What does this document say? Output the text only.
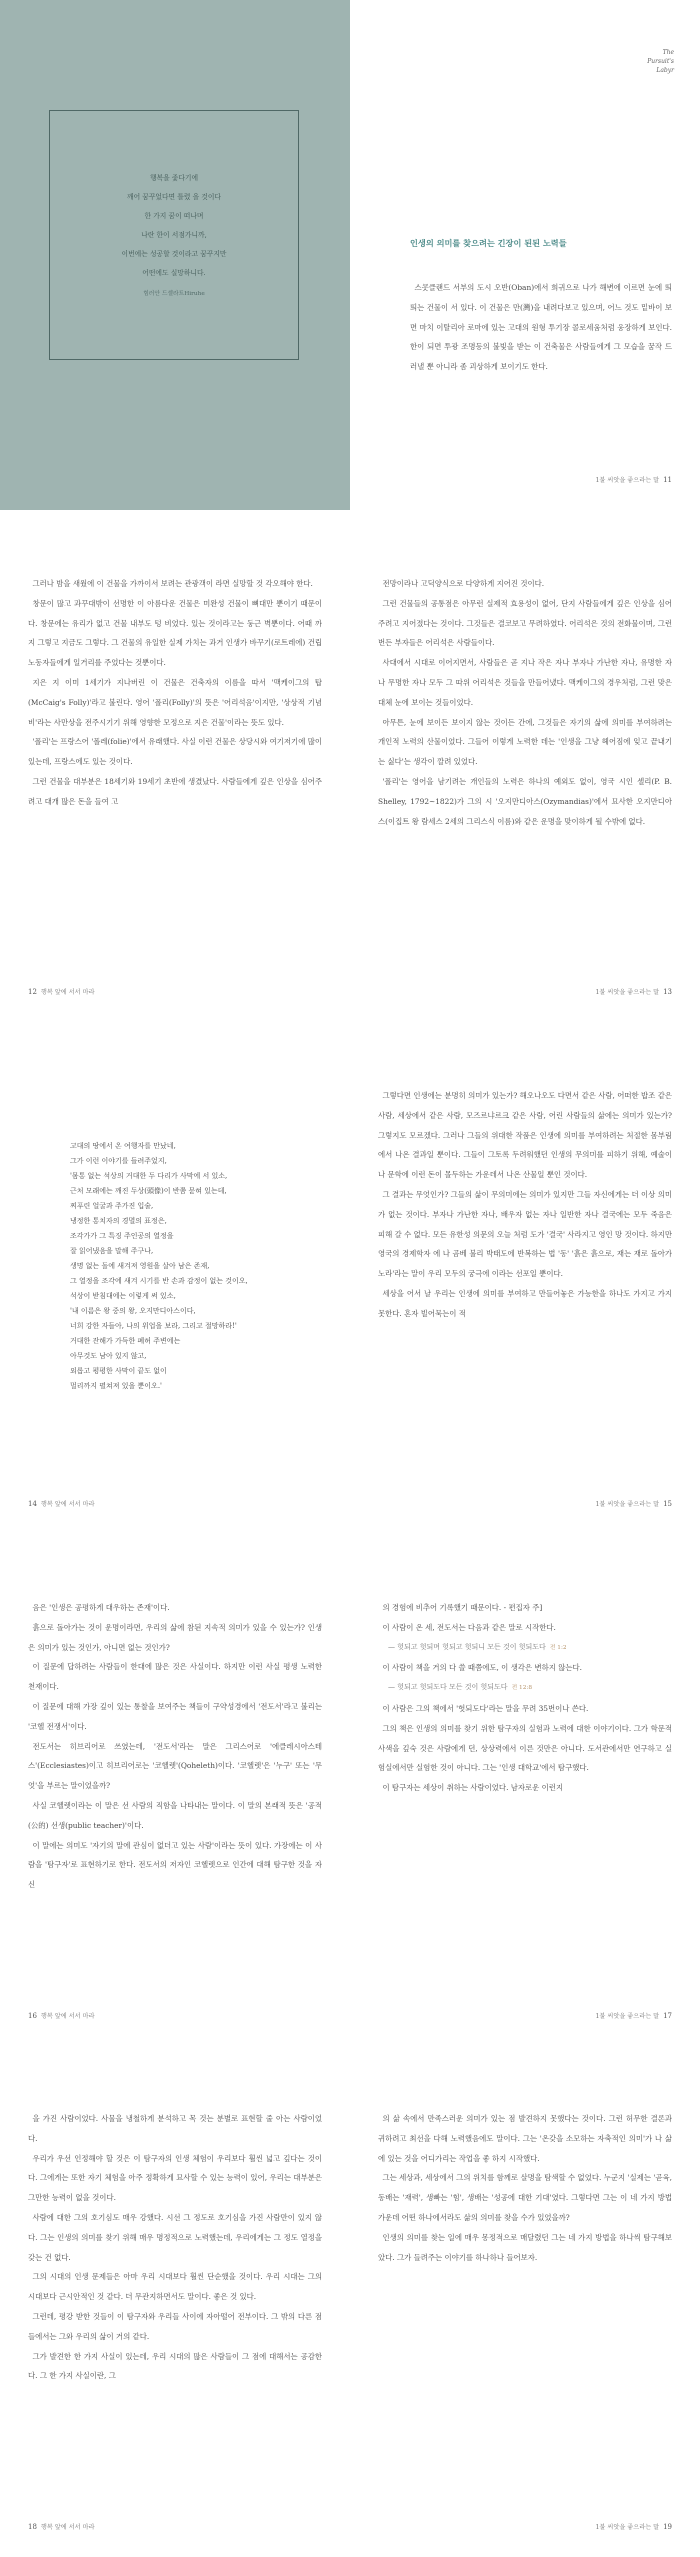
행복을 좇다기에
깨어 꿈꾸었다면 틀렸 을 것이다
한 가지 꿈이 떠나며
나란 한이 서점가니까,
이번에는 성공할 것이라고 꿈꾸지만
어떤에도 실망하니다.
힘러안 드셀라트Hiruhe

The
Pursuit's
Labyr
인생의 의미를 찾으려는 긴장이 된된 노력들

스콧클랜드 서부의 도시 오반(Oban)에서 희귀으로 나가 해변에 이르면 눈에 띄 띄는 건물이 서 있다. 이 건물은 만(灣)을 내려다보고 있으며, 어느 것도 밑바이 보면 마치 이탈리아 로마에 있는 고대의 원형 투기장 콜로세움처럼 웅장하게 보인다. 한이 되면 투광 조명등의 불빛을 받는 이 건축물은 사람들에게 그 모습을 꿈작 드러낼 뿐 아니라 좀 괴상하게 보이기도 한다.

1불 씨앗을 좋으라는 말 11

그러나 밤을 새웠에 이 건물을 가까이서 보려는 관광객이 라면 실망할 것 각오해야 한다.

창문이 많고 과꾸대밖이 선명한 이 아름다운 건물은 미완성 건물이 뼈대만 뿐이기 때문이다. 창문에는 유리가 없고 건물 내부도 텅 비었다. 있는 것이라고는 둥근 벽뿐이다. 어때 까지 그렇고 지금도 그렇다. 그 건물의 유일한 실제 가치는 과거 인생가 바꾸기(로트레에) 건립 노동자들에게 일거리를 주었다는 것뿐이다.

지은 지 이미 1세기가 지나버린 이 건물은 건축자의 이름을 따서 '맥케이그의 탑(McCaig's Folly)'라고 불린다. 영어 '폴리(Folly)'의 뜻은 '어리석음'이지만, '상상적 기념비'라는 사만상을 전주시기기 위해 영향한 모정으로 지은 건물'이라는 뜻도 있다.

'폴리'는 프랑스어 '폴레(folie)'에서 유래했다. 사실 이런 건물은 상당시와 여기저기에 많이 있는데, 프랑스에도 있는 것이다.

그런 건물을 대부분은 18세기와 19세기 초반에 생겼났다. 사람들에게 깊은 인상을 심어주려고 대개 많은 돈을 들여 고

12 행복 앞에 서서 마라

전망이라나 고딕양식으로 다양하게 지어진 것이다.

그런 건물들의 공통점은 아무런 실제적 효용성이 없어, 단지 사람들에게 깊은 인상을 심어주려고 지어졌다는 것이다. 그것들은 결코보고 무려하였다. 어리석은 것의 전화물이며, 그런 번든 부자들은 어리석은 사람들이다.

사대에서 시대로 이어지면서, 사람들은 곧 지나 작은 자나 부자나 가난한 자나, 유명한 자나 무명한 자나 모두 그 따위 어리석은 것들을 만들어냈다. 맥케이그의 경우처럼, 그런 맞은 대체 눈에 보이는 것들이었다.

아무튼, 눈에 보이든 보이지 않는 것이든 간에, 그것들은 자기의 삶에 의미를 부여하려는 개인적 노력의 산물이었다. 그들어 이렇게 노력한 데는 '인생을 그냥 헤어짐에 잊고 끝내기는 싫다'는 생각이 깔려 있었다.

'폴리'는 영어을 남기려는 개인들의 노력은 하나의 예외도 없이, 영국 시인 셸리(P. B. Shelley, 1792~1822)가 그의 시 '오지만디아스(Ozymandias)'에서 묘사한 오지만디아스(이집트 왕 람세스 2세의 그리스식 이름)와 같은 운명을 맞이하게 될 수밖에 없다.

1불 씨앗을 좋으라는 말 13
고대의 땅에서 온 여행자를 만났네,
그가 이런 이야기를 들려주었지,
'몸통 없는 석상의 거대한 두 다리가 사막에 서 있소,
근처 모래에는 깨진 두상(頭像)이 반쯤 묻혀 있는데,
찌푸린 얼굴과 주가진 입술,
냉정한 통치자의 경멸의 표정은,
조각가가 그 특징 주인공의 열정을
잘 읽어냈음을 말해 주구나,
생명 없는 돌에 새겨져 영원을 살아 남은 존재,
그 열정을 조각에 새겨 시기를 반 손과 감정이 없는 것이오,
석상이 받침대에는 이렇게 써 있소,
'내 이름은 왕 중의 왕, 오지만디아스이다,
너희 강한 자들아, 나의 위업을 보라, 그리고 절망하라!'
거대한 잔해가 가득한 폐허 주변에는
아무것도 남아 있지 않고,
외롭고 평평한 사막이 끝도 없이
멀리까지 펼쳐져 있을 뿐이오.'
14 행복 앞에 서서 마라

그렇다면 인생에는 분명히 의미가 있는가? 해오나오도 다면서 같은 사람, 어떠한 밥조 같은 사람, 세상에서 같은 사람, 모즈르냐르크 같은 사람, 어린 사람들의 삶에는 의미가 있는가? 그렇지도 모르겠다. 그러나 그들의 위대한 작품은 인생에 의미를 부여하려는 처절한 몸부림에서 나온 결과일 뿐이다. 그들이 그토록 두려워했던 인생의 무의미를 피하기 위해, 예술이나 문학에 이런 돈이 몰두하는 가운데서 나온 산물일 뿐인 것이다.

그 결과는 무엇인가? 그들의 삶이 무의미에는 의미가 있지만 그들 자신에게는 더 이상 의미가 없는 것이다. 부자나 가난한 자나, 배우자 없는 자나 일반한 자나 결국에는 모두 죽음은 피해 갈 수 없다. 모든 유한성 의문의 오늘 처럼 도가 '결국' 사라지고 영인 망 것이다. 하지만 영국의 경제학자 에 나 곰베 불리 박태도에 반복하는 법 '동' '흙은 흙으로, 재는 재로 돌아가노라'라는 말이 우리 모두의 궁극에 이라는 선포일 뿐이다.

세상을 어서 날 우리는 인생에 의미를 부여하고 만들어놓은 가능한을 하나도 가지고 가지 못한다. 혼자 빌어묵는이 적

1불 씨앗을 좋으라는 말 15

음은 '인생은 공평하게 대우하는 존재'이다.

흙으로 돌아가는 것이 운명이라면, 우리의 삶에 참된 지속적 의미가 있을 수 있는가? 인생은 의미가 있는 것인가, 아니면 없는 것인가?

이 질문에 답하려는 사람들이 한대에 많은 것은 사실이다. 하지만 이런 사실 평생 노력한 천재이다.

이 질문에 대해 가장 깊이 있는 통찰을 보여주는 책들이 구약성경에서 '전도서'라고 불리는 '코헬 전쟁서'이다.

전도서는 히브리어로 쓰였는데, '전도서'라는 말은 그리스어로 '에클레시아스테스'(Ecclesiastes)이고 히브리어로는 '코헬렛'(Qoheleth)이다. '코헬렛'은 '누구' 또는 '무엇'을 부르는 말이었을까?

사실 코헬렛이라는 이 말은 선 사람의 직함을 나타내는 말이다. 이 말의 본래적 뜻은 '공적(公的) 선생(public teacher)'이다.

이 말에는 의미도 '자기의 말에 관심이 없더고 있는 사람'이라는 뜻이 있다. 가장에는 이 사람을 '탐구자'로 표현하기로 한다. 전도서의 저자인 코헬렛으로 인간에 대해 탐구한 것을 자신

16 행복 앞에 서서 마라

의 경험에 비추어 기록했기 때문이다. - 편집자 주]

이 사람이 온 세, 전도서는 다음과 같은 말로 시작한다.

— 헛되고 헛되며 헛되고 헛되니 모든 것이 헛되도다 전 1:2

이 사람이 책을 거의 다 쓸 때쯤에도, 이 생각은 변하지 않는다.

— 헛되고 헛되도다 모든 것이 헛되도다 전 12:8

이 사람은 그의 책에서 '헛되도다'라는 말을 무려 35번이나 쓴다.

그의 책은 인생의 의미를 찾기 위한 탐구자의 실험과 노력에 대한 이야기이다. 그가 학문적 사색을 깊숙 것은 사람에게 던, 상상력에서 이른 것만은 아니다. 도서관에서만 연구하고 실험실에서만 실험한 것이 아니다. 그는 '인생 대학교'에서 탐구했다.

이 탐구자는 세상이 취하는 사람이었다. 남자로운 이런지

1불 씨앗을 좋으라는 말 17

을 가진 사람이었다. 사물을 냉철하게 분석하고 목 것는 분별로 표현할 줄 아는 사람이었다.

우리가 우선 인정해야 할 것은 이 탐구자의 인생 체험이 우리보다 훨씬 넓고 깊다는 것이다. 그에게는 또한 자기 체험을 아주 정확하게 묘사할 수 있는 능력이 있어, 우리는 대부분은 그만한 능력이 없을 것이다.

사람에 대한 그의 호기심도 매우 강했다. 시선 그 정도로 호기심을 가진 사람만이 있지 않다. 그는 인생의 의미를 찾기 위해 매우 명정적으로 노력했는데, 우리에게는 그 정도 열정을 갖는 건 없다.

그의 시대의 인생 문제들은 아마 우리 시대보다 훨씬 단순했을 것이다. 우리 시대는 그의 시대보다 근시안적인 것 같다. 더 무관지하면서도 말이다. 좋은 것 있다.

그런데, 평강 받한 것들이 이 탐구자와 우리들 사이에 자아떨어 전부이다. 그 밖의 다른 점들에서는 그와 우리의 삶이 거의 같다.

그가 발견한 한 가지 사실이 있는데, 우리 시대의 많은 사람들이 그 점에 대해서는 공감한다. 그 한 가지 사실이란, 그

18 행복 앞에 서서 마라

의 삶 속에서 만족스러운 의미가 있는 점 발견하지 못했다는 것이다. 그런 허무한 결론과 귀하려고 최선을 다해 노력했음에도 말이다. 그는 '온갖을 소모하는 자축적인 의미'가 나 삶에 있는 것을 어디가리는 작업을 좋 하지 시작했다.

그는 세상과, 세상에서 그의 위치를 함께로 살명을 탐색할 수 없었다. 누군지 '실제는 '곧육, 동배는 '재력', 생빠는 '힘', 생배는 '성공에 대한 기대'였다. 그렇다면 그는 이 네 가지 방법 가운데 어떤 하나에서라도 삶의 의미를 찾을 수가 있었을까?

인생의 의미를 찾는 일에 매우 몽정적으로 매달렸던 그는 네 가지 방법을 하나씩 탐구해보았다. 그가 들려주는 이야기를 하나하나 들어보자.

1불 씨앗을 좋으라는 말 19
